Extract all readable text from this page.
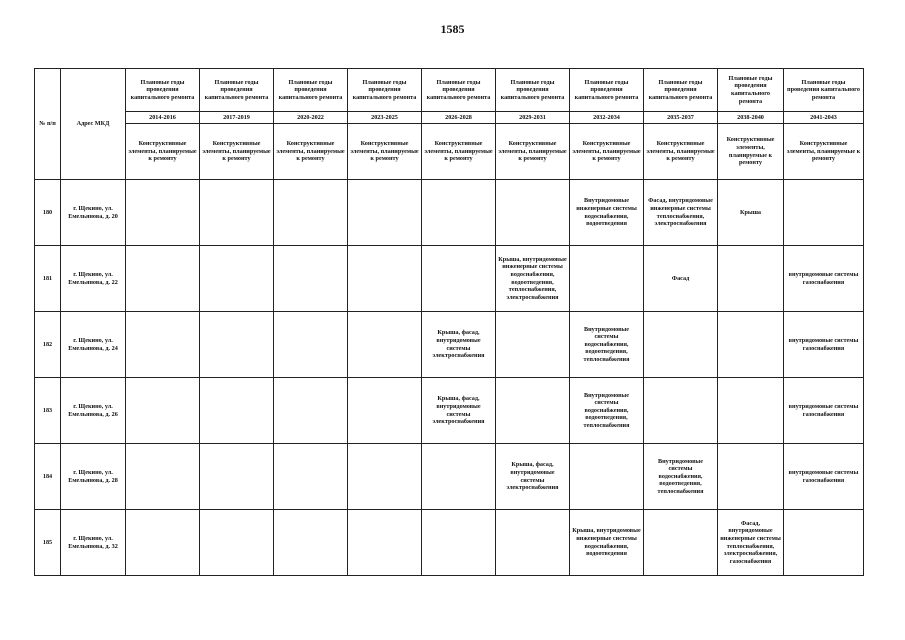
1585
№ п/п	Адрес МКД	Плановые годы проведения капитального ремонта	Плановые годы проведения капитального ремонта	Плановые годы проведения капитального ремонта	Плановые годы проведения капитального ремонта	Плановые годы проведения капитального ремонта	Плановые годы проведения капитального ремонта	Плановые годы проведения капитального ремонта	Плановые годы проведения капитального ремонта	Плановые годы проведения капитального ремонта	Плановые годы проведения капитального ремонта
		2014-2016	2017-2019	2020-2022	2023-2025	2026-2028	2029-2031	2032-2034	2035-2037	2038-2040	2041-2043
		Конструктивные элементы, планируемые к ремонту	Конструктивные элементы, планируемые к ремонту	Конструктивные элементы, планируемые к ремонту	Конструктивные элементы, планируемые к ремонту	Конструктивные элементы, планируемые к ремонту	Конструктивные элементы, планируемые к ремонту	Конструктивные элементы, планируемые к ремонту	Конструктивные элементы, планируемые к ремонту	Конструктивные элементы, планируемые к ремонту	Конструктивные элементы, планируемые к ремонту
180	г. Щекино, ул. Емельянова, д. 20							Внутридомовые инженерные системы водоснабжения, водоотведения	Фасад, внутридомовые инженерные системы теплоснабжения, электроснабжения	Крыша	
181	г. Щекино, ул. Емельянова, д. 22						Крыша, внутридомовые инженерные системы водоснабжения, водоотведения, теплоснабжения, электроснабжения		Фасад		внутридомовые системы газоснабжения
182	г. Щекино, ул. Емельянова, д. 24					Крыша, фасад, внутридомовые системы электроснабжения		Внутридомовые системы водоснабжения, водоотведения, теплоснабжения			внутридомовые системы газоснабжения
183	г. Щекино, ул. Емельянова, д. 26					Крыша, фасад, внутридомовые системы электроснабжения		Внутридомовые системы водоснабжения, водоотведения, теплоснабжения			внутридомовые системы газоснабжения
184	г. Щекино, ул. Емельянова, д. 28						Крыша, фасад, внутридомовые системы электроснабжения		Внутридомовые системы водоснабжения, водоотведения, теплоснабжения		внутридомовые системы газоснабжения
185	г. Щекино, ул. Емельянова, д. 32							Крыша, внутридомовые инженерные системы водоснабжения, водоотведения		Фасад, внутридомовые инженерные системы теплоснабжения, электроснабжения, газоснабжения	
